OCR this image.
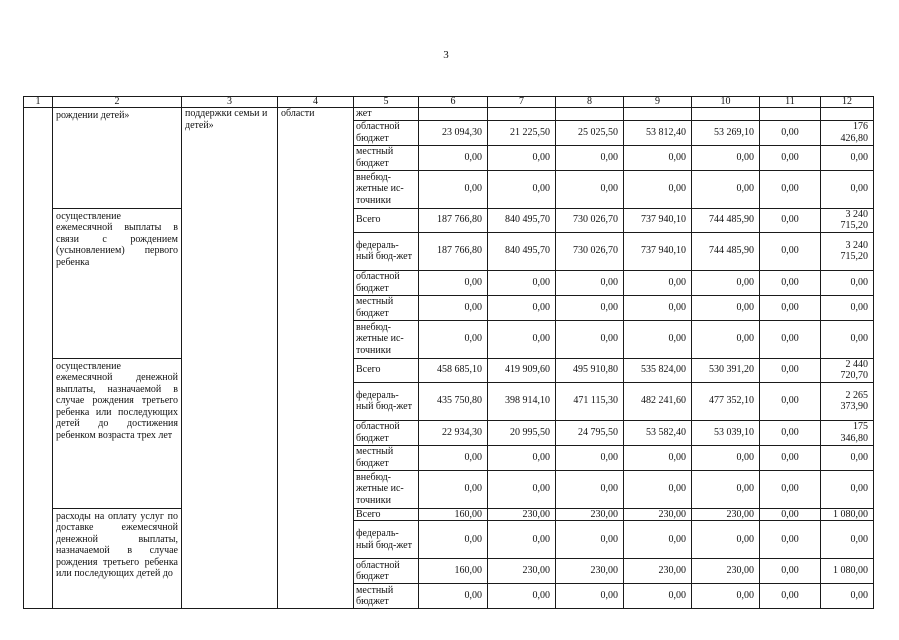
3
1	2	3	4	5	6	7	8	9	10	11	12
	рождении детей»	поддержки семьи и детей»	области	жет							
				областной бюджет	23 094,30	21 225,50	25 025,50	53 812,40	53 269,10	0,00	176 426,80
				местный бюджет	0,00	0,00	0,00	0,00	0,00	0,00	0,00
				внебюд-жетные ис-точники	0,00	0,00	0,00	0,00	0,00	0,00	0,00
	осуществление ежемесячной выплаты в связи с рождением (усыновлением) первого ребенка			Всего	187 766,80	840 495,70	730 026,70	737 940,10	744 485,90	0,00	3 240 715,20
				федераль-ный бюд-жет	187 766,80	840 495,70	730 026,70	737 940,10	744 485,90	0,00	3 240 715,20
				областной бюджет	0,00	0,00	0,00	0,00	0,00	0,00	0,00
				местный бюджет	0,00	0,00	0,00	0,00	0,00	0,00	0,00
				внебюд-жетные ис-точники	0,00	0,00	0,00	0,00	0,00	0,00	0,00
	осуществление ежемесячной денежной выплаты, назначаемой в случае рождения третьего ребенка или последующих детей до достижения ребенком возраста трех лет			Всего	458 685,10	419 909,60	495 910,80	535 824,00	530 391,20	0,00	2 440 720,70
				федераль-ный бюд-жет	435 750,80	398 914,10	471 115,30	482 241,60	477 352,10	0,00	2 265 373,90
				областной бюджет	22 934,30	20 995,50	24 795,50	53 582,40	53 039,10	0,00	175 346,80
				местный бюджет	0,00	0,00	0,00	0,00	0,00	0,00	0,00
				внебюд-жетные ис-точники	0,00	0,00	0,00	0,00	0,00	0,00	0,00
	расходы на оплату услуг по доставке ежемесячной денежной выплаты, назначаемой в случае рождения третьего ребенка или последующих детей до			Всего	160,00	230,00	230,00	230,00	230,00	0,00	1 080,00
				федераль-ный бюд-жет	0,00	0,00	0,00	0,00	0,00	0,00	0,00
				областной бюджет	160,00	230,00	230,00	230,00	230,00	0,00	1 080,00
				местный бюджет	0,00	0,00	0,00	0,00	0,00	0,00	0,00
